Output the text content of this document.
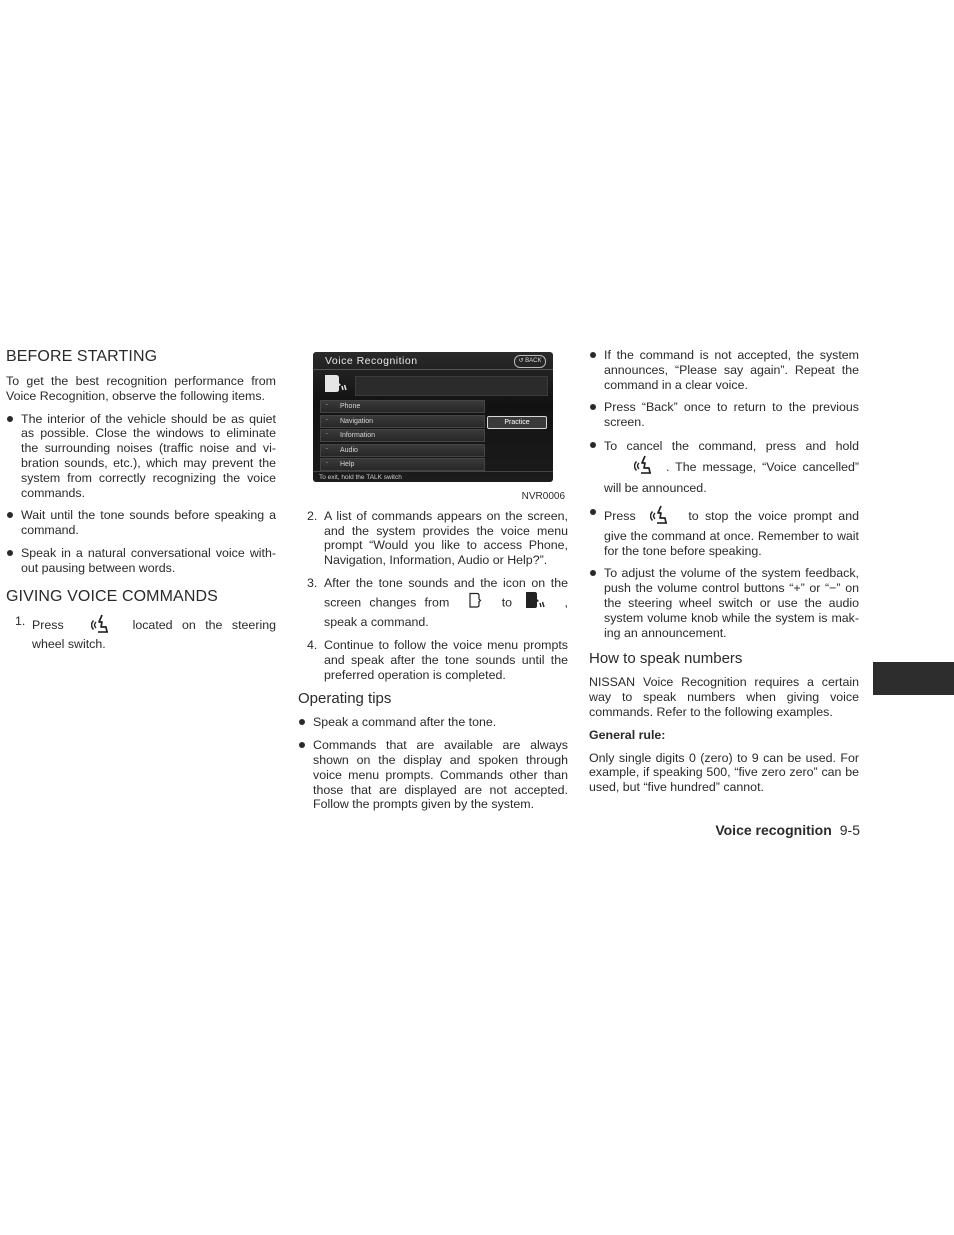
BEFORE STARTING

To get the best recognition performance from Voice Recognition, observe the following items.

The interior of the vehicle should be as quiet as possible. Close the windows to eliminate the surrounding noises (traffic noise and vi-bration sounds, etc.), which may prevent the system from correctly recognizing the voice commands.
Wait until the tone sounds before speaking a command.
Speak in a natural conversational voice with-out pausing between words.
GIVING VOICE COMMANDS
1. Press	located on the steering wheel switch.
Voice Recognition	↺ BACK
ᐧᐧ Phone
ᐧᐧ Navigation
ᐧᐧ Information
ᐧᐧ Audio
ᐧᐧ Help
Practice
To exit, hold the TALK switch
NVR0006
2. A list of commands appears on the screen, and the system provides the voice menu prompt “Would you like to access Phone, Navigation, Information, Audio or Help?”.
3. After the tone sounds and the icon on the screen changes from	to	, speak a command.
4. Continue to follow the voice menu prompts and speak after the tone sounds until the preferred operation is completed.
Operating tips
Speak a command after the tone.
Commands that are available are always shown on the display and spoken through voice menu prompts. Commands other than those that are displayed are not accepted. Follow the prompts given by the system.
If the command is not accepted, the system announces, “Please say again”. Repeat the command in a clear voice.
Press “Back” once to return to the previous screen.
To cancel the command, press and hold  . The message, “Voice cancelled” will be announced.
Press	to stop the voice prompt and give the command at once. Remember to wait for the tone before speaking.
To adjust the volume of the system feedback, push the volume control buttons “+” or “−” on the steering wheel switch or use the audio system volume knob while the system is mak-ing an announcement.
How to speak numbers

NISSAN Voice Recognition requires a certain way to speak numbers when giving voice commands. Refer to the following examples.

General rule:

Only single digits 0 (zero) to 9 can be used. For example, if speaking 500, “five zero zero” can be used, but “five hundred” cannot.

Voice recognition 9-5
